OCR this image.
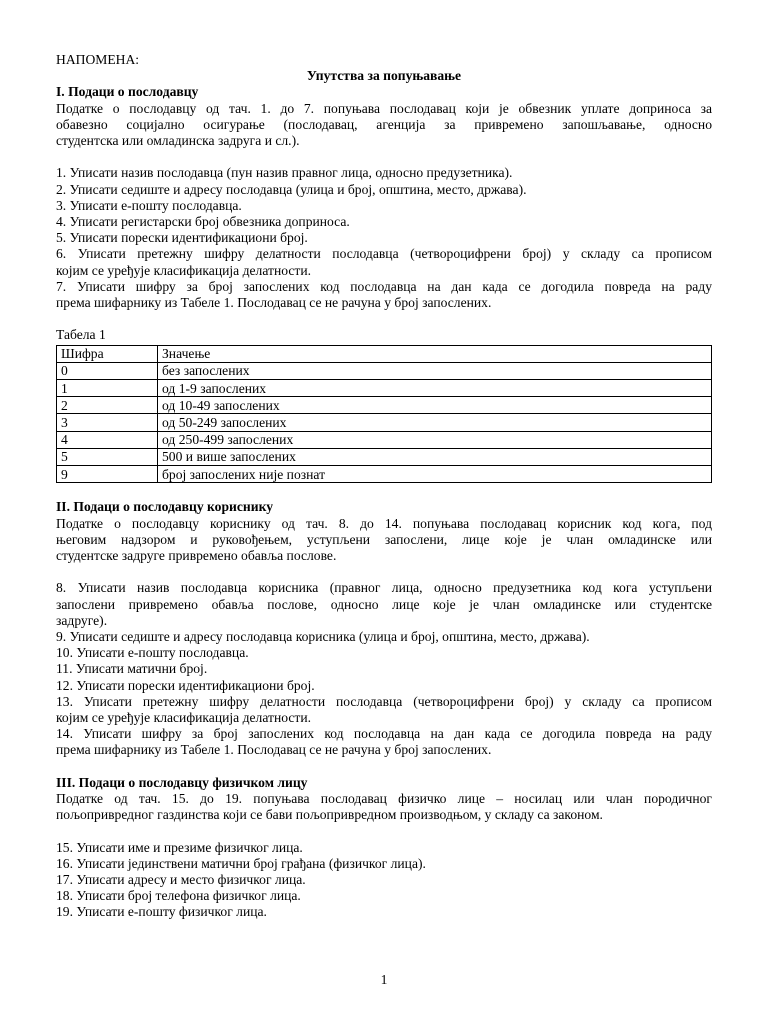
НАПОМЕНА:
Упутства за попуњавање
I. Подаци о послодавцу
Податке о послодавцу од тач. 1. до 7. попуњава послодавац који је обвезник уплате доприноса за
обавезно социјално осигурање (послодавац, агенција за привремено запошљавање, односно
студентска или омладинска задруга и сл.).
1. Уписати назив послодавца (пун назив правног лица, односно предузетника).
2. Уписати седиште и адресу послодавца (улица и број, општина, место, држава).
3. Уписати е-пошту послодавца.
4. Уписати регистарски број обвезника доприноса.
5. Уписати порески идентификациони број.
6. Уписати претежну шифру делатности послодавца (четвороцифрени број) у складу са прописом
којим се уређује класификација делатности.
7. Уписати шифру за број запослених код послодавца на дан када се догодила повреда на раду
према шифарнику из Табеле 1. Послодавац се не рачуна у број запослених.
Табела 1
Шифра	Значење
0	без запослених
1	од 1-9 запослених
2	од 10-49 запослених
3	од 50-249 запослених
4	од 250-499 запослених
5	500 и више запослених
9	број запослених није познат
II. Подаци о послодавцу кориснику
Податке о послодавцу кориснику од тач. 8. до 14. попуњава послодавац корисник код кога, под
његовим надзором и руковођењем, уступљени запослени, лице које је члан омладинске или
студентске задруге привремено обавља послове.
8. Уписати назив послодавца корисника (правног лица, односно предузетника код кога уступљени
запослени привремено обавља послове, односно лице које је члан омладинске или студентске
задруге).
9. Уписати седиште и адресу послодавца корисника (улица и број, општина, место, држава).
10. Уписати е-пошту послодавца.
11. Уписати матични број.
12. Уписати порески идентификациони број.
13. Уписати претежну шифру делатности послодавца (четвороцифрени број) у складу са прописом
којим се уређује класификација делатности.
14. Уписати шифру за број запослених код послодавца на дан када се догодила повреда на раду
према шифарнику из Табеле 1. Послодавац се не рачуна у број запослених.
III. Подаци о послодавцу физичком лицу
Податке од тач. 15. до 19. попуњава послодавац физичко лице – носилац или члан породичног
пољопривредног газдинства који се бави пољопривредном производњом, у складу са законом.
15. Уписати име и презиме физичког лица.
16. Уписати јединствени матични број грађана (физичког лица).
17. Уписати адресу и место физичког лица.
18. Уписати број телефона физичког лица.
19. Уписати е-пошту физичког лица.
1
